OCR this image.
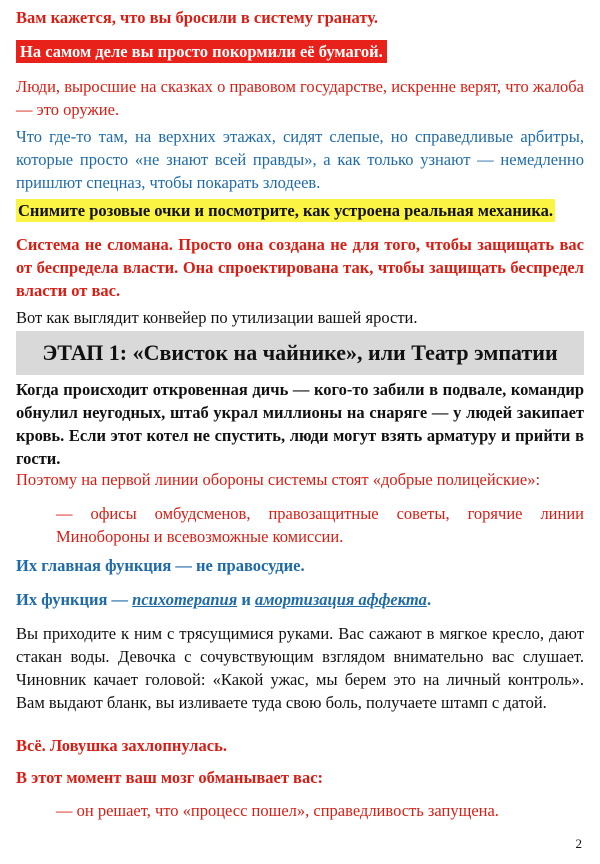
Вам кажется, что вы бросили в систему гранату.
На самом деле вы просто покормили её бумагой.
Люди, выросшие на сказках о правовом государстве, искренне верят, что жалоба — это оружие.
Что где-то там, на верхних этажах, сидят слепые, но справедливые арбитры, которые просто «не знают всей правды», а как только узнают — немедленно пришлют спецназ, чтобы покарать злодеев.
Снимите розовые очки и посмотрите, как устроена реальная механика.
Система не сломана. Просто она создана не для того, чтобы защищать вас от беспредела власти. Она спроектирована так, чтобы защищать беспредел власти от вас.
Вот как выглядит конвейер по утилизации вашей ярости.
ЭТАП 1: «Свисток на чайнике», или Театр эмпатии
Когда происходит откровенная дичь — кого-то забили в подвале, командир обнулил неугодных, штаб украл миллионы на снаряге — у людей закипает кровь. Если этот котел не спустить, люди могут взять арматуру и прийти в гости.
Поэтому на первой линии обороны системы стоят «добрые полицейские»:
— офисы омбудсменов, правозащитные советы, горячие линии Минобороны и всевозможные комиссии.
Их главная функция — не правосудие.
Их функция — психотерапия и амортизация аффекта.
Вы приходите к ним с трясущимися руками. Вас сажают в мягкое кресло, дают стакан воды. Девочка с сочувствующим взглядом внимательно вас слушает. Чиновник качает головой: «Какой ужас, мы берем это на личный контроль». Вам выдают бланк, вы изливаете туда свою боль, получаете штамп с датой.
Всё. Ловушка захлопнулась.
В этот момент ваш мозг обманывает вас:
— он решает, что «процесс пошел», справедливость запущена.
2
